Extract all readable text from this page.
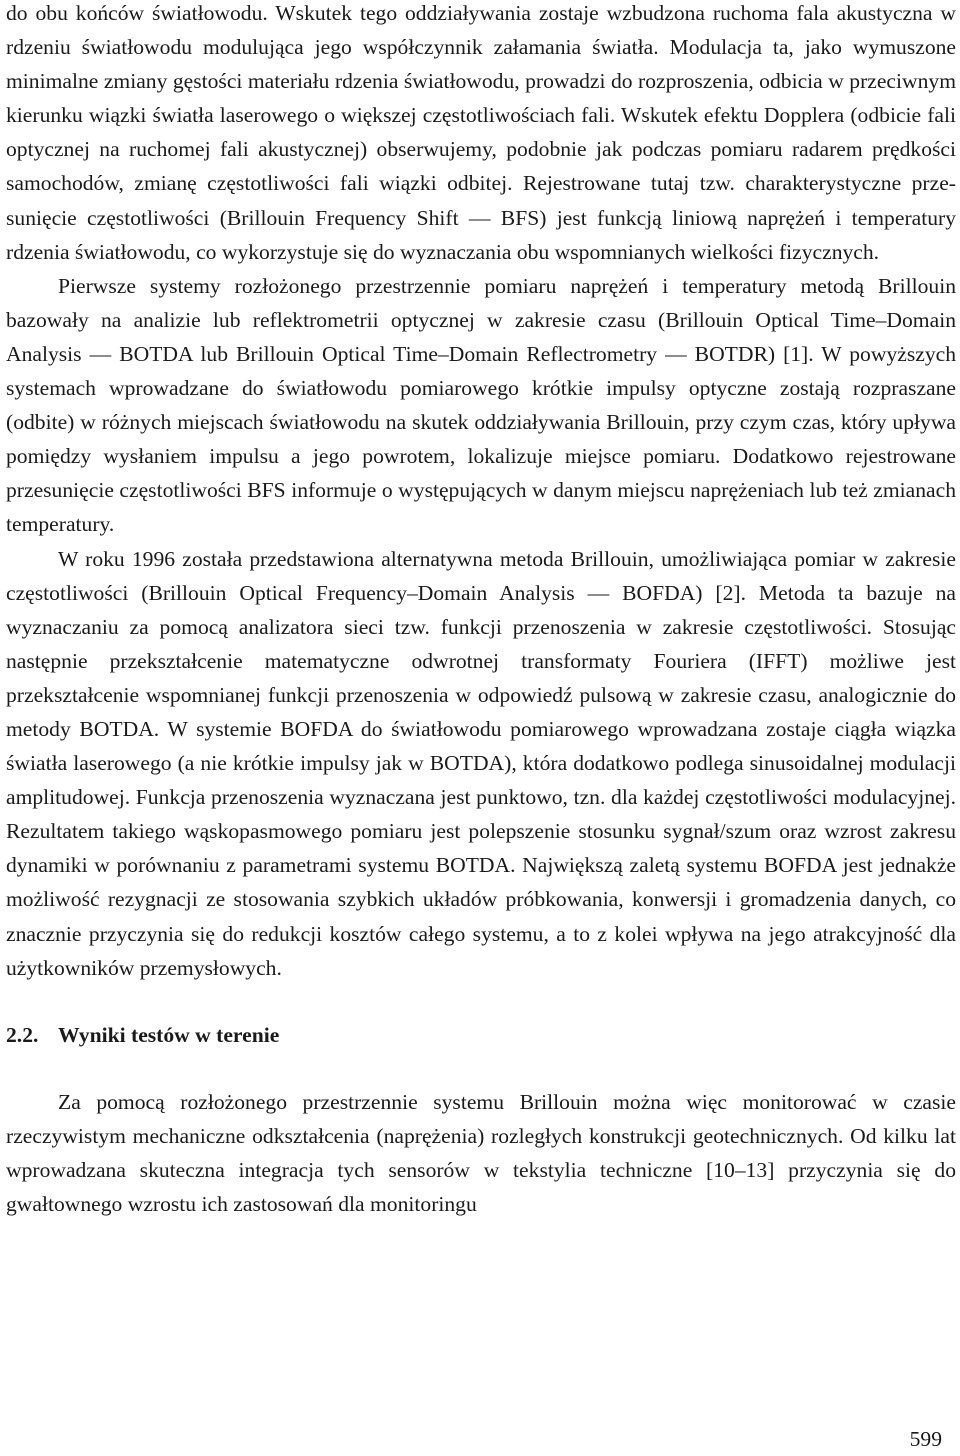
do obu końców światłowodu. Wskutek tego oddziaływania zostaje wzbudzona ruchoma fala akustyczna w rdzeniu światłowodu modulująca jego współczynnik załamania światła. Modulacja ta, jako wymuszone minimalne zmiany gęstości materiału rdzenia światłowodu, prowadzi do rozproszenia, odbicia w przeciwnym kierunku wiązki światła laserowego o większej częstotliwościach fali. Wskutek efektu Dopplera (odbicie fali optycznej na ruchomej fali akustycznej) obserwujemy, podobnie jak podczas pomiaru radarem prędkości samochodów, zmianę częstotliwości fali wiązki odbitej. Rejestrowane tutaj tzw. charakterystyczne przesunięcie częstotliwości (Brillouin Frequency Shift — BFS) jest funkcją liniową naprężeń i temperatury rdzenia światłowodu, co wykorzystuje się do wyznaczania obu wspomnianych wielkości fizycznych.

Pierwsze systemy rozłożonego przestrzennie pomiaru naprężeń i temperatury metodą Brillouin bazowały na analizie lub reflektrometrii optycznej w zakresie czasu (Brillouin Optical Time–Domain Analysis — BOTDA lub Brillouin Optical Time–Domain Reflectrometry — BOTDR) [1]. W powyższych systemach wprowadzane do światłowodu pomiarowego krótkie impulsy optyczne zostają rozpraszane (odbite) w różnych miejscach światłowodu na skutek oddziaływania Brillouin, przy czym czas, który upływa pomiędzy wysłaniem impulsu a jego powrotem, lokalizuje miejsce pomiaru. Dodatkowo rejestrowane przesunięcie częstotliwości BFS informuje o występujących w danym miejscu naprężeniach lub też zmianach temperatury.

W roku 1996 została przedstawiona alternatywna metoda Brillouin, umożliwiająca pomiar w zakresie częstotliwości (Brillouin Optical Frequency–Domain Analysis — BOFDA) [2]. Metoda ta bazuje na wyznaczaniu za pomocą analizatora sieci tzw. funkcji przenoszenia w zakresie częstotliwości. Stosując następnie przekształcenie matematyczne odwrotnej transformaty Fouriera (IFFT) możliwe jest przekształcenie wspomnianej funkcji przenoszenia w odpowiedź pulsową w zakresie czasu, analogicznie do metody BOTDA. W systemie BOFDA do światłowodu pomiarowego wprowadzana zostaje ciągła wiązka światła laserowego (a nie krótkie impulsy jak w BOTDA), która dodatkowo podlega sinusoidalnej modulacji amplitudowej. Funkcja przenoszenia wyznaczana jest punktowo, tzn. dla każdej częstotliwości modulacyjnej. Rezultatem takiego wąskopasmowego pomiaru jest polepszenie stosunku sygnał/szum oraz wzrost zakresu dynamiki w porównaniu z parametrami systemu BOTDA. Największą zaletą systemu BOFDA jest jednakże możliwość rezygnacji ze stosowania szybkich układów próbkowania, konwersji i gromadzenia danych, co znacznie przyczynia się do redukcji kosztów całego systemu, a to z kolei wpływa na jego atrakcyjność dla użytkowników przemysłowych.

2.2. Wyniki testów w terenie

Za pomocą rozłożonego przestrzennie systemu Brillouin można więc monitorować w czasie rzeczywistym mechaniczne odkształcenia (naprężenia) rozległych konstrukcji geotechnicznych. Od kilku lat wprowadzana skuteczna integracja tych sensorów w tekstylia techniczne [10–13] przyczynia się do gwałtownego wzrostu ich zastosowań dla monitoringu

599
